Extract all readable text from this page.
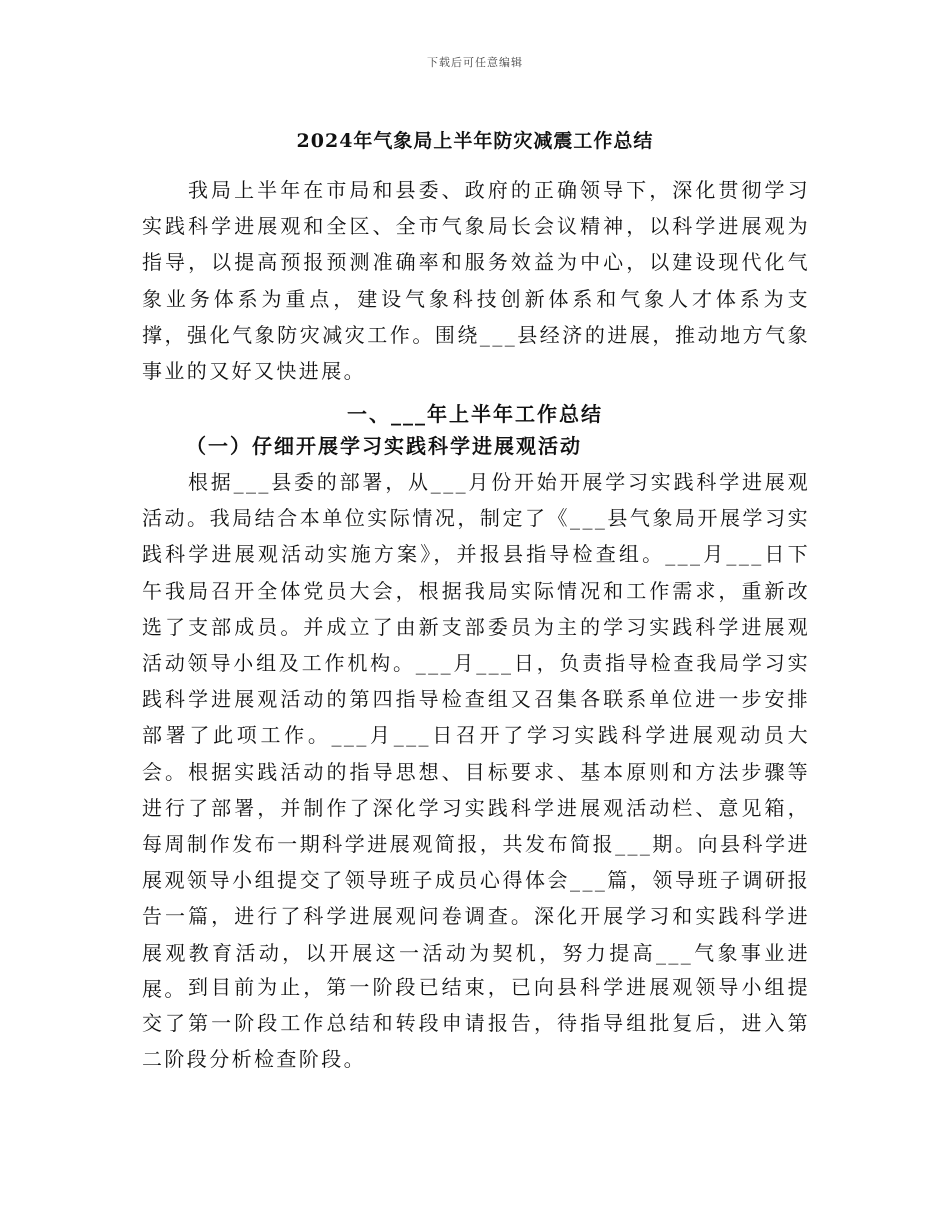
下载后可任意编辑
2024年气象局上半年防灾减震工作总结

我局上半年在市局和县委、政府的正确领导下，深化贯彻学习实践科学进展观和全区、全市气象局长会议精神，以科学进展观为指导，以提高预报预测准确率和服务效益为中心，以建设现代化气象业务体系为重点，建设气象科技创新体系和气象人才体系为支撑，强化气象防灾减灾工作。围绕___县经济的进展，推动地方气象事业的又好又快进展。

一、___年上半年工作总结
（一）仔细开展学习实践科学进展观活动

根据___县委的部署，从___月份开始开展学习实践科学进展观活动。我局结合本单位实际情况，制定了《___县气象局开展学习实践科学进展观活动实施方案》，并报县指导检查组。___月___日下午我局召开全体党员大会，根据我局实际情况和工作需求，重新改选了支部成员。并成立了由新支部委员为主的学习实践科学进展观活动领导小组及工作机构。___月___日，负责指导检查我局学习实践科学进展观活动的第四指导检查组又召集各联系单位进一步安排部署了此项工作。___月___日召开了学习实践科学进展观动员大会。根据实践活动的指导思想、目标要求、基本原则和方法步骤等进行了部署，并制作了深化学习实践科学进展观活动栏、意见箱，每周制作发布一期科学进展观简报，共发布简报___期。向县科学进展观领导小组提交了领导班子成员心得体会___篇，领导班子调研报告一篇，进行了科学进展观问卷调查。深化开展学习和实践科学进展观教育活动，以开展这一活动为契机，努力提高___气象事业进展。 到目前为止，第一阶段已结束，已向县科学进展观领导小组提交了第一阶段工作总结和转段申请报告，待指导组批复后，进入第二阶段分析检查阶段。
